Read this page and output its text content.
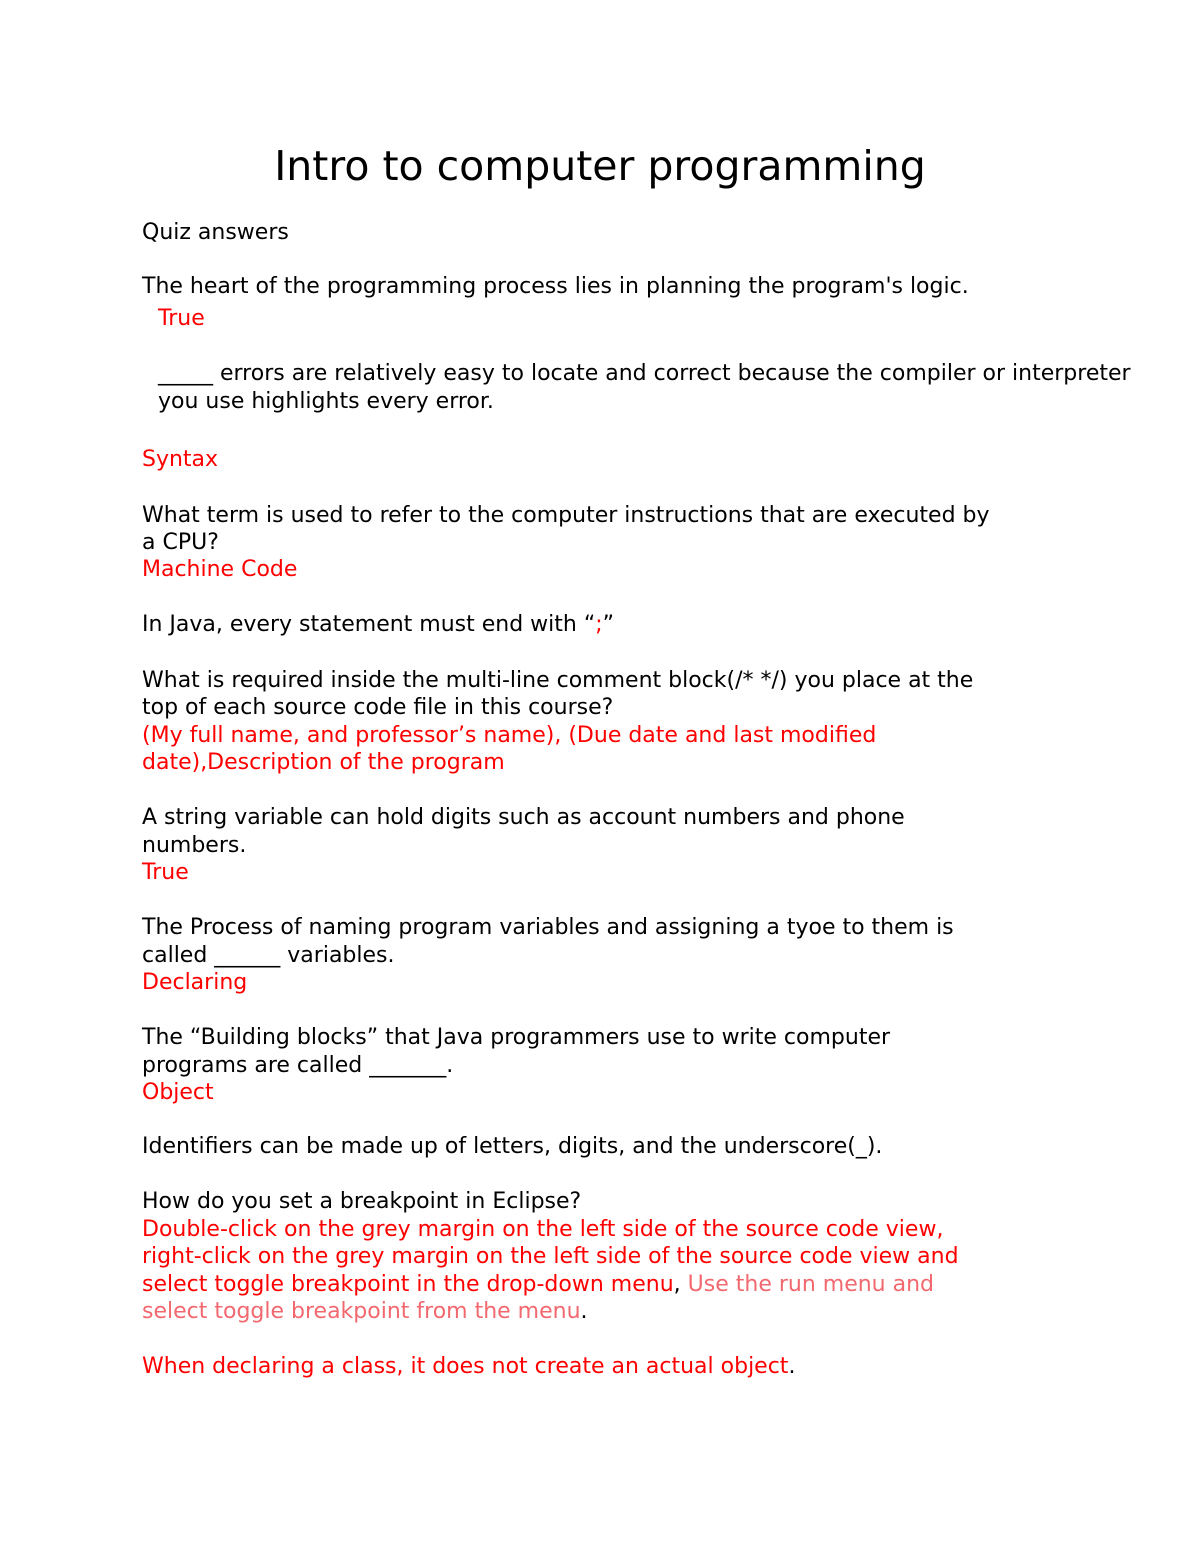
Intro to computer programming
Quiz answers
The heart of the programming process lies in planning the program's logic.
True
_____ errors are relatively easy to locate and correct because the compiler or interpreter
you use highlights every error.
Syntax
What term is used to refer to the computer instructions that are executed by
a CPU?
Machine Code
In Java, every statement must end with “;”
What is required inside the multi-line comment block(/* */) you place at the
top of each source code file in this course?
(My full name, and professor’s name), (Due date and last modified
date),Description of the program
A string variable can hold digits such as account numbers and phone
numbers.
True
The Process of naming program variables and assigning a tyoe to them is
called ______ variables.
Declaring
The “Building blocks” that Java programmers use to write computer
programs are called _______.
Object
Identifiers can be made up of letters, digits, and the underscore(_).
How do you set a breakpoint in Eclipse?
Double-click on the grey margin on the left side of the source code view,
right-click on the grey margin on the left side of the source code view and
select toggle breakpoint in the drop-down menu, Use the run menu and
select toggle breakpoint from the menu.
When declaring a class, it does not create an actual object.
